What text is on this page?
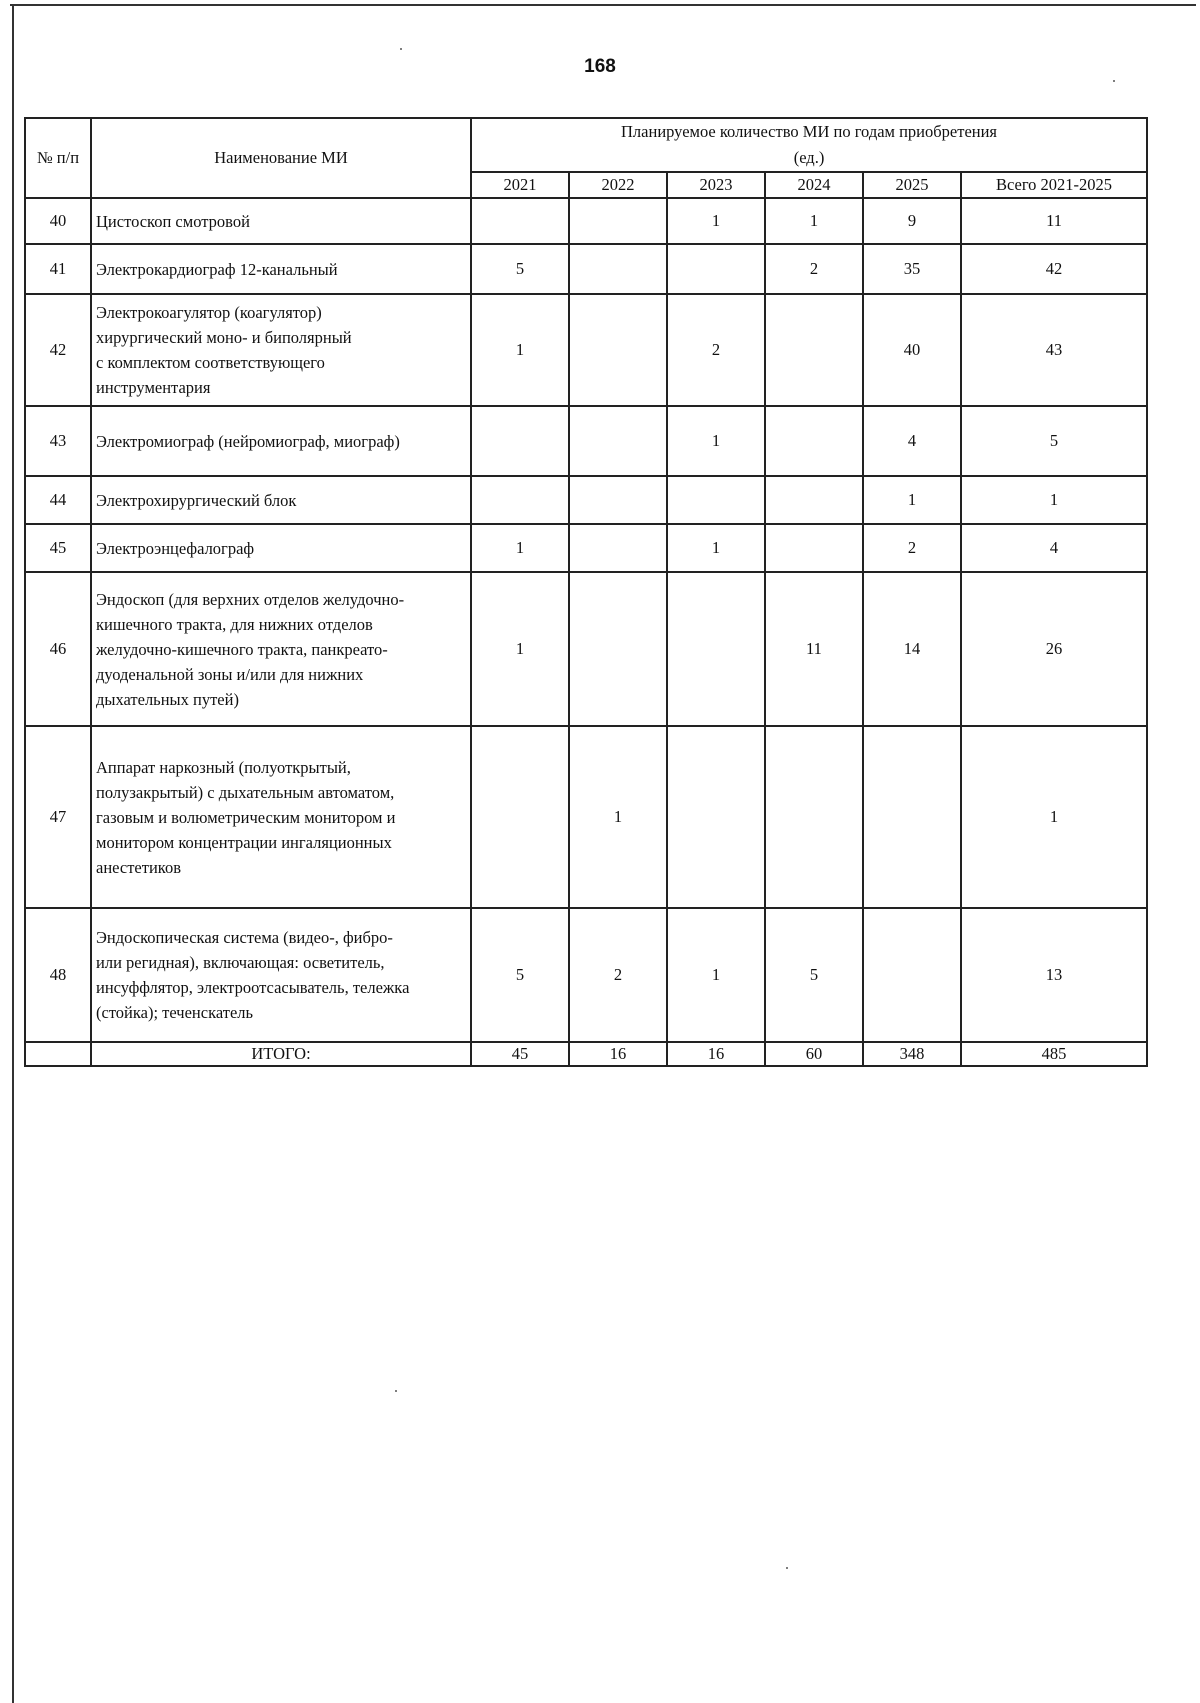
168
№ п/п	Наименование МИ	Планируемое количество МИ по годам приобретения
(ед.)					

		2021	2022	2023	2024	2025	Всего 2021-2025
40	Цистоскоп смотровой			1	1	9	11
41	Электрокардиограф 12-канальный	5			2	35	42
42	Электрокоагулятор (коагулятор)
хирургический моно- и биполярный
с комплектом соответствующего
инструментария	1		2		40	43
43	Электромиограф (нейромиограф, миограф)			1		4	5
44	Электрохирургический блок					1	1
45	Электроэнцефалограф	1		1		2	4
46	Эндоскоп (для верхних отделов желудочно-
кишечного тракта, для нижних отделов
желудочно-кишечного тракта, панкреато-
дуоденальной зоны и/или для нижних
дыхательных путей)	1			11	14	26
47	Аппарат наркозный (полуоткрытый,
полузакрытый) с дыхательным автоматом,
газовым и волюметрическим монитором и
монитором концентрации ингаляционных
анестетиков		1				1
48	Эндоскопическая система (видео-, фибро-
или регидная), включающая: осветитель,
инсуффлятор, электроотсасыватель, тележка
(стойка); теченскатель	5	2	1	5		13
	ИТОГО:	45	16	16	60	348	485
